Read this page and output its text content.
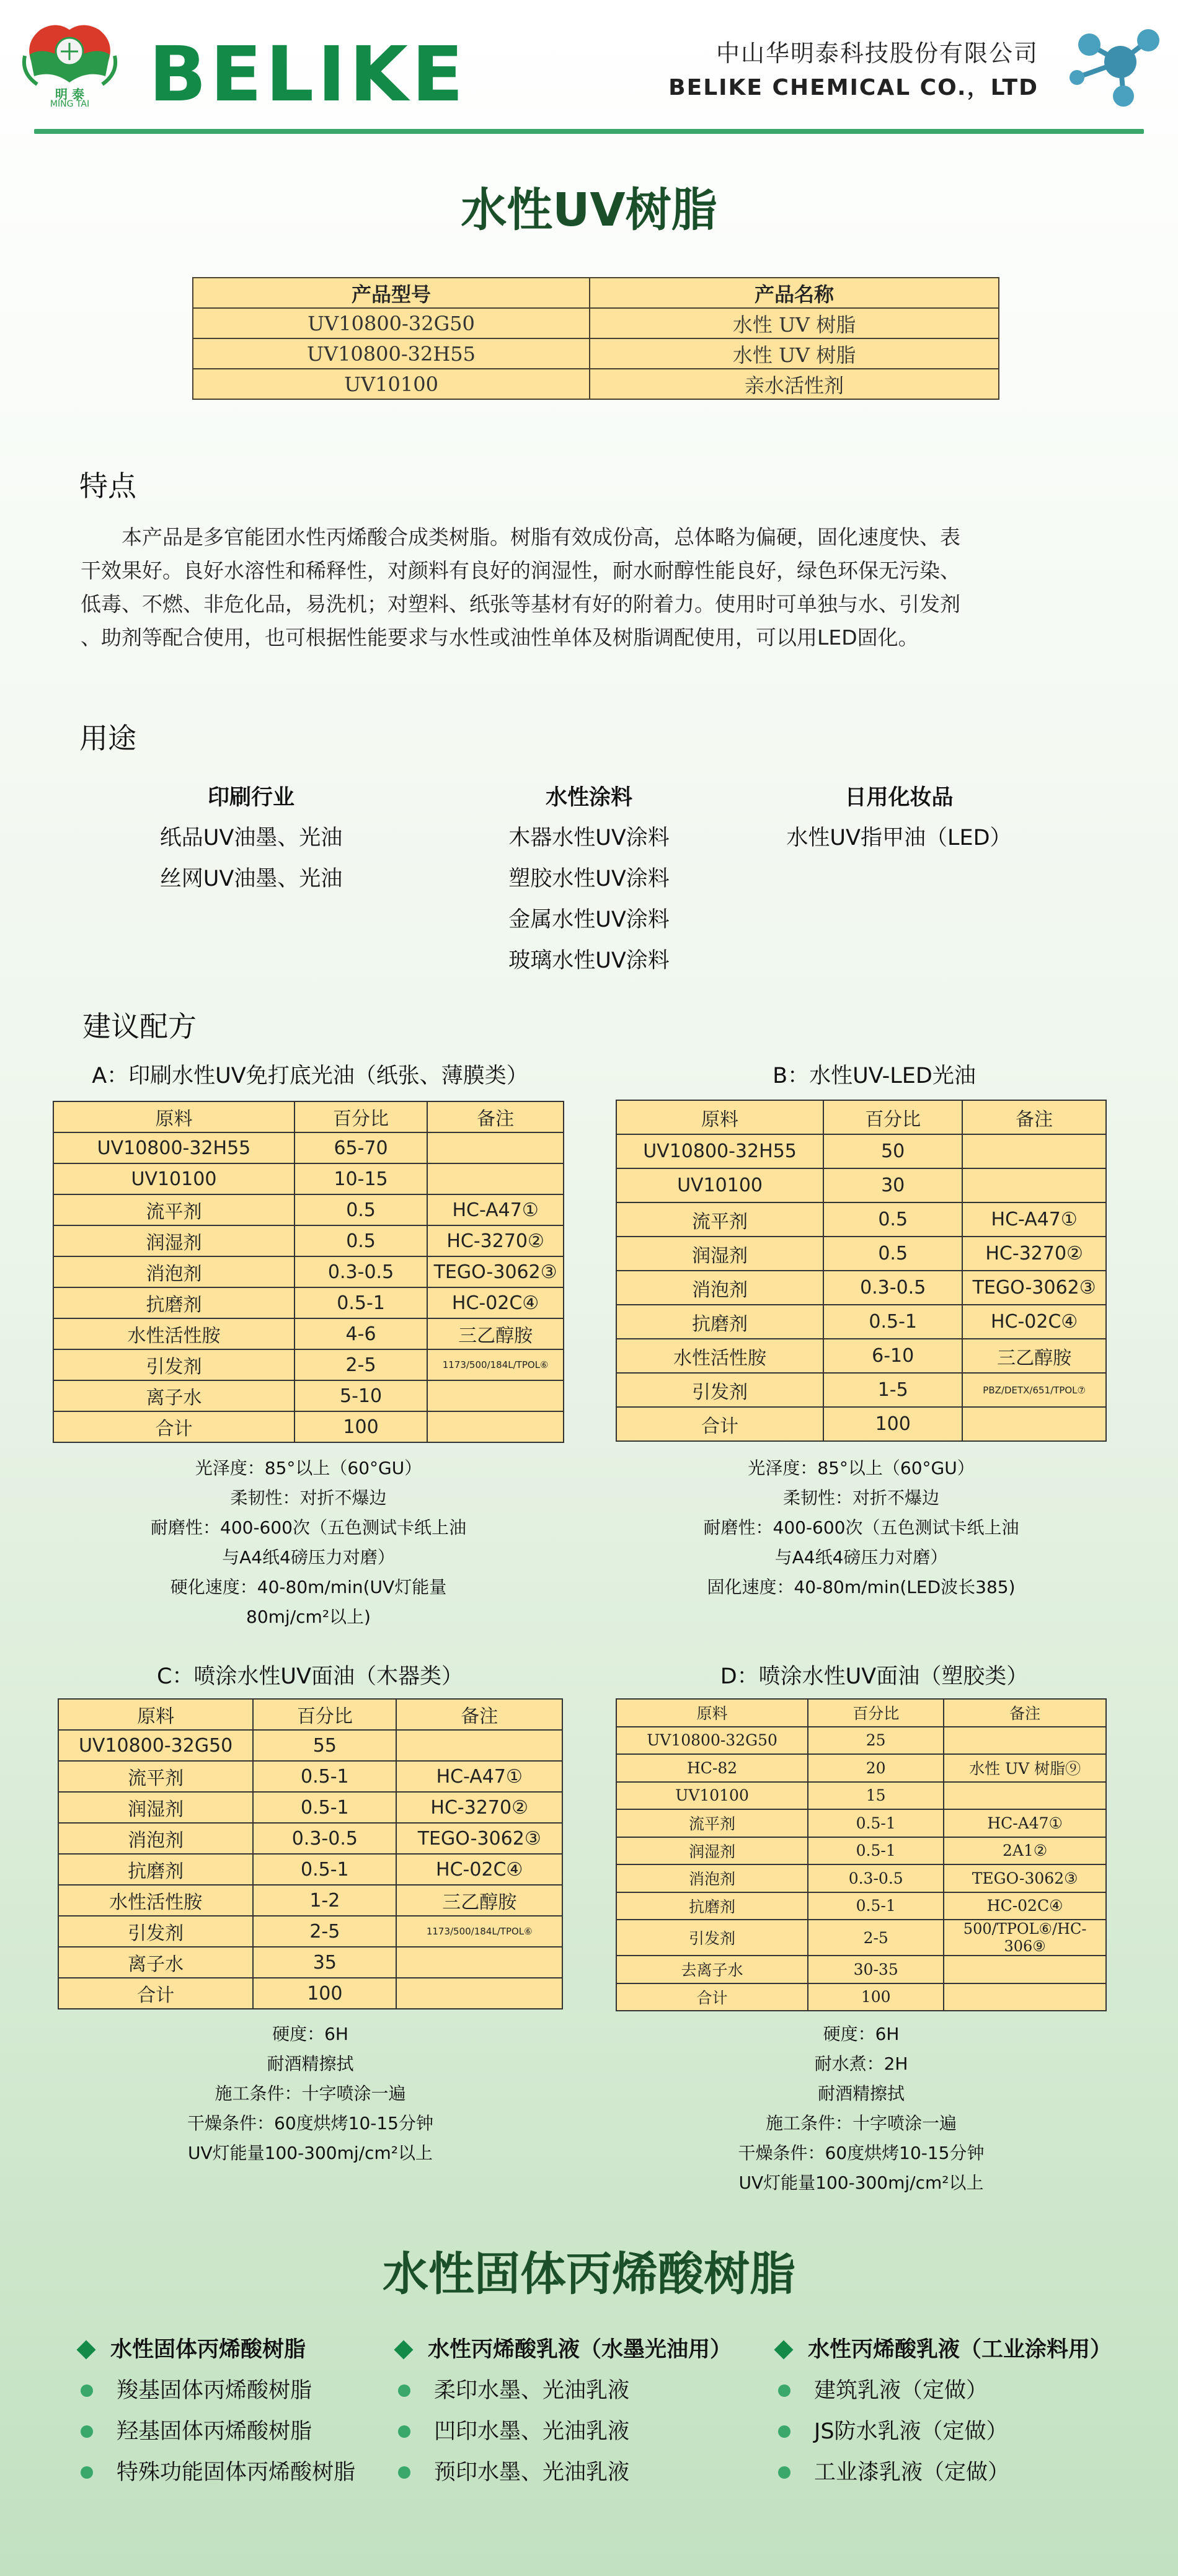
明 泰
MING TAI BELIKE	中山华明泰科技股份有限公司
BELIKE CHEMICAL CO.，LTD
水性UV树脂
产品型号	产品名称
UV10800-32G50	水性 UV 树脂
UV10800-32H55	水性 UV 树脂
UV10100	亲水活性剂
特点
　　本产品是多官能团水性丙烯酸合成类树脂。树脂有效成份高，总体略为偏硬，固化速度快、表
干效果好。良好水溶性和稀释性，对颜料有良好的润湿性，耐水耐醇性能良好，绿色环保无污染、
低毒、不燃、非危化品，易洗机；对塑料、纸张等基材有好的附着力。使用时可单独与水、引发剂
、助剂等配合使用，也可根据性能要求与水性或油性单体及树脂调配使用，可以用LED固化。
用途
印刷行业
纸品UV油墨、光油
丝网UV油墨、光油
水性涂料
木器水性UV涂料
塑胶水性UV涂料
金属水性UV涂料
玻璃水性UV涂料
日用化妆品
水性UV指甲油（LED）
建议配方
A：印刷水性UV免打底光油（纸张、薄膜类）
原料	百分比	备注
UV10800-32H55	65-70	
UV10100	10-15	
流平剂	0.5	HC-A47①
润湿剂	0.5	HC-3270②
消泡剂	0.3-0.5	TEGO-3062③
抗磨剂	0.5-1	HC-02C④
水性活性胺	4-6	三乙醇胺
引发剂	2-5	1173/500/184L/TPOL⑥
离子水	5-10	
合计	100	
光泽度：85°以上（60°GU）
柔韧性：对折不爆边
耐磨性：400-600次（五色测试卡纸上油
与A4纸4磅压力对磨）
硬化速度：40-80m/min(UV灯能量
80mj/cm²以上)
B：水性UV-LED光油
原料	百分比	备注
UV10800-32H55	50	
UV10100	30	
流平剂	0.5	HC-A47①
润湿剂	0.5	HC-3270②
消泡剂	0.3-0.5	TEGO-3062③
抗磨剂	0.5-1	HC-02C④
水性活性胺	6-10	三乙醇胺
引发剂	1-5	PBZ/DETX/651/TPOL⑦
合计	100	
光泽度：85°以上（60°GU）
柔韧性：对折不爆边
耐磨性：400-600次（五色测试卡纸上油
与A4纸4磅压力对磨）
固化速度：40-80m/min(LED波长385)
C：喷涂水性UV面油（木器类）
原料	百分比	备注
UV10800-32G50	55	
流平剂	0.5-1	HC-A47①
润湿剂	0.5-1	HC-3270②
消泡剂	0.3-0.5	TEGO-3062③
抗磨剂	0.5-1	HC-02C④
水性活性胺	1-2	三乙醇胺
引发剂	2-5	1173/500/184L/TPOL⑥
离子水	35	
合计	100	
硬度：6H
耐酒精擦拭
施工条件：十字喷涂一遍
干燥条件：60度烘烤10-15分钟
UV灯能量100-300mj/cm²以上
D：喷涂水性UV面油（塑胶类）
原料	百分比	备注
UV10800-32G50	25	
HC-82	20	水性 UV 树脂⑨
UV10100	15	
流平剂	0.5-1	HC-A47①
润湿剂	0.5-1	2A1②
消泡剂	0.3-0.5	TEGO-3062③
抗磨剂	0.5-1	HC-02C④
引发剂	2-5	500/TPOL⑥/HC-306⑨
去离子水	30-35	
合计	100	
硬度：6H
耐水煮：2H
耐酒精擦拭
施工条件：十字喷涂一遍
干燥条件：60度烘烤10-15分钟
UV灯能量100-300mj/cm²以上
水性固体丙烯酸树脂
水性固体丙烯酸树脂
羧基固体丙烯酸树脂
羟基固体丙烯酸树脂
特殊功能固体丙烯酸树脂
水性丙烯酸乳液（水墨光油用）
柔印水墨、光油乳液
凹印水墨、光油乳液
预印水墨、光油乳液
水性丙烯酸乳液（工业涂料用）
建筑乳液（定做）
JS防水乳液（定做）
工业漆乳液（定做）
